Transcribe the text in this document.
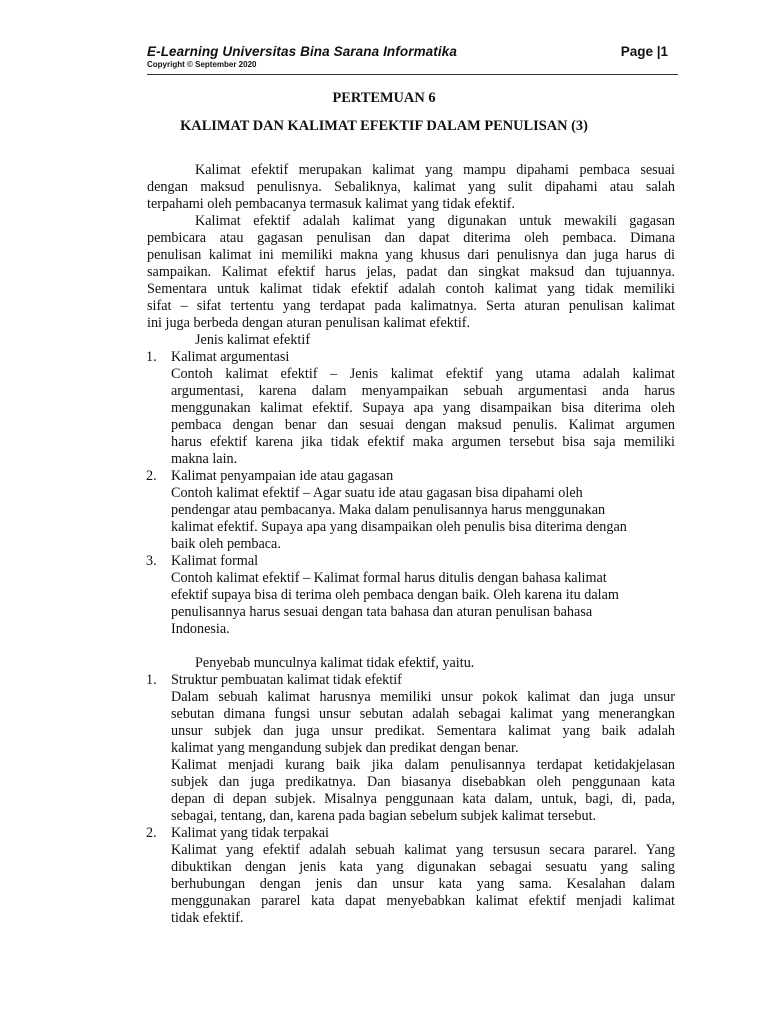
E-Learning Universitas Bina Sarana Informatika
Copyright © September 2020
Page |1
PERTEMUAN 6
KALIMAT DAN KALIMAT EFEKTIF DALAM PENULISAN (3)
Kalimat efektif merupakan kalimat yang mampu dipahami pembaca sesuai
dengan maksud penulisnya. Sebaliknya, kalimat yang sulit dipahami atau salah
terpahami oleh pembacanya termasuk kalimat yang tidak efektif.
Kalimat efektif adalah kalimat yang digunakan untuk mewakili gagasan
pembicara atau gagasan penulisan dan dapat diterima oleh pembaca. Dimana
penulisan kalimat ini memiliki makna yang khusus dari penulisnya dan juga harus di
sampaikan. Kalimat efektif harus jelas, padat dan singkat maksud dan tujuannya.
Sementara untuk kalimat tidak efektif adalah contoh kalimat yang tidak memiliki
sifat – sifat tertentu yang terdapat pada kalimatnya. Serta aturan penulisan kalimat
ini juga berbeda dengan aturan penulisan kalimat efektif.
Jenis kalimat efektif
1. Kalimat argumentasi
Contoh kalimat efektif – Jenis kalimat efektif yang utama adalah kalimat
argumentasi, karena dalam menyampaikan sebuah argumentasi anda harus
menggunakan kalimat efektif. Supaya apa yang disampaikan bisa diterima oleh
pembaca dengan benar dan sesuai dengan maksud penulis. Kalimat argumen
harus efektif karena jika tidak efektif maka argumen tersebut bisa saja memiliki
makna lain.
2. Kalimat penyampaian ide atau gagasan
Contoh kalimat efektif – Agar suatu ide atau gagasan bisa dipahami oleh
pendengar atau pembacanya. Maka dalam penulisannya harus menggunakan
kalimat efektif. Supaya apa yang disampaikan oleh penulis bisa diterima dengan
baik oleh pembaca.
3. Kalimat formal
Contoh kalimat efektif – Kalimat formal harus ditulis dengan bahasa kalimat
efektif supaya bisa di terima oleh pembaca dengan baik. Oleh karena itu dalam
penulisannya harus sesuai dengan tata bahasa dan aturan penulisan bahasa
Indonesia.
Penyebab munculnya kalimat tidak efektif, yaitu.
1. Struktur pembuatan kalimat tidak efektif
Dalam sebuah kalimat harusnya memiliki unsur pokok kalimat dan juga unsur
sebutan dimana fungsi unsur sebutan adalah sebagai kalimat yang menerangkan
unsur subjek dan juga unsur predikat. Sementara kalimat yang baik adalah
kalimat yang mengandung subjek dan predikat dengan benar.
Kalimat menjadi kurang baik jika dalam penulisannya terdapat ketidakjelasan
subjek dan juga predikatnya. Dan biasanya disebabkan oleh penggunaan kata
depan di depan subjek. Misalnya penggunaan kata dalam, untuk, bagi, di, pada,
sebagai, tentang, dan, karena pada bagian sebelum subjek kalimat tersebut.
2. Kalimat yang tidak terpakai
Kalimat yang efektif adalah sebuah kalimat yang tersusun secara pararel. Yang
dibuktikan dengan jenis kata yang digunakan sebagai sesuatu yang saling
berhubungan dengan jenis dan unsur kata yang sama. Kesalahan dalam
menggunakan pararel kata dapat menyebabkan kalimat efektif menjadi kalimat
tidak efektif.
